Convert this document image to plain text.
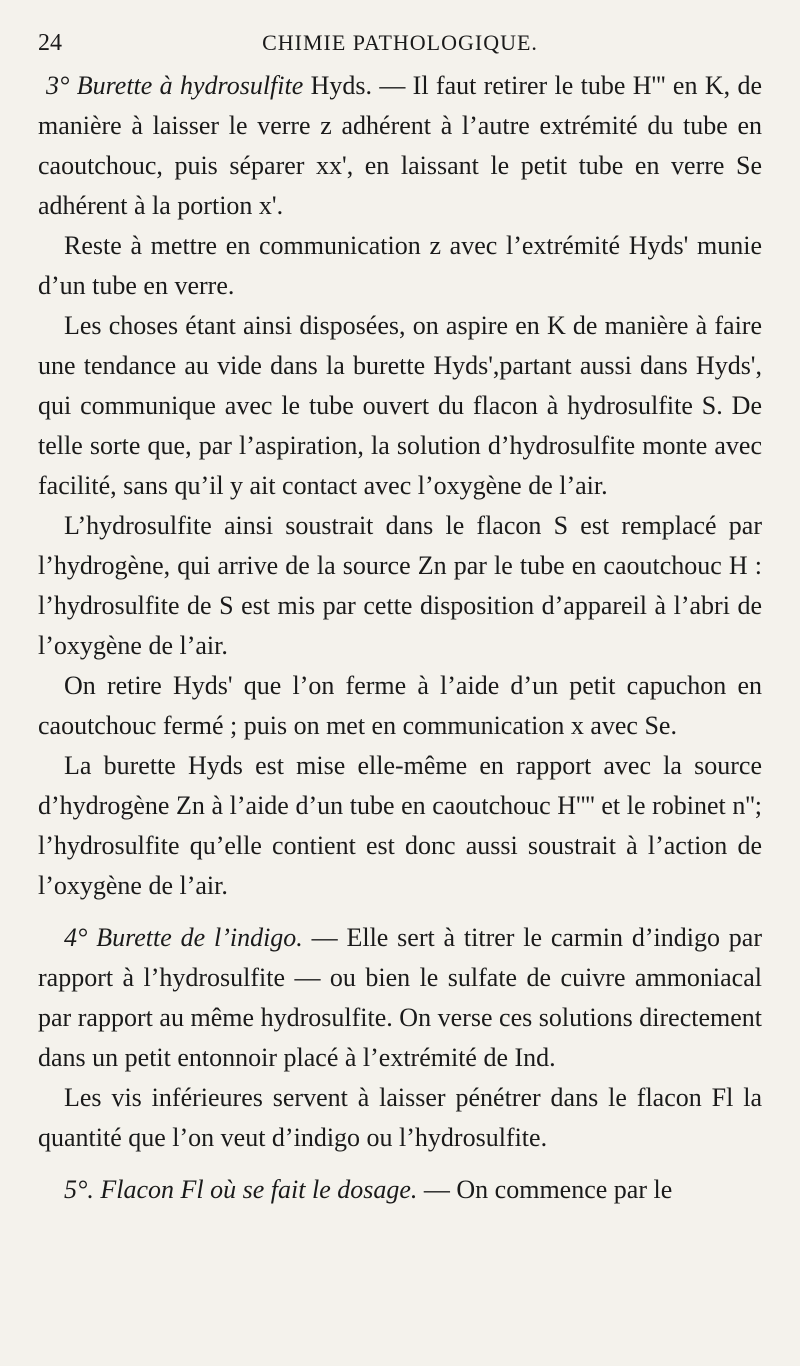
24	CHIMIE PATHOLOGIQUE.

3° Burette à hydrosulfite Hyds. — Il faut retirer le tube H''' en K, de manière à laisser le verre z adhérent à l’autre extrémité du tube en caoutchouc, puis séparer xx', en laissant le petit tube en verre Se adhérent à la portion x'.

Reste à mettre en communication z avec l’extrémité Hyds' munie d’un tube en verre.

Les choses étant ainsi disposées, on aspire en K de manière à faire une tendance au vide dans la burette Hyds',partant aussi dans Hyds', qui communique avec le tube ouvert du flacon à hydrosulfite S. De telle sorte que, par l’aspiration, la solution d’hydrosulfite monte avec facilité, sans qu’il y ait contact avec l’oxygène de l’air.

L’hydrosulfite ainsi soustrait dans le flacon S est remplacé par l’hydrogène, qui arrive de la source Zn par le tube en caoutchouc H : l’hydrosulfite de S est mis par cette disposition d’appareil à l’abri de l’oxygène de l’air.

On retire Hyds' que l’on ferme à l’aide d’un petit capuchon en caoutchouc fermé ; puis on met en communication x avec Se.

La burette Hyds est mise elle-même en rapport avec la source d’hydrogène Zn à l’aide d’un tube en caoutchouc H'''' et le robinet n''; l’hydrosulfite qu’elle contient est donc aussi soustrait à l’action de l’oxygène de l’air.

4° Burette de l’indigo. — Elle sert à titrer le carmin d’indigo par rapport à l’hydrosulfite — ou bien le sulfate de cuivre ammoniacal par rapport au même hydrosulfite. On verse ces solutions directement dans un petit entonnoir placé à l’extrémité de Ind.

Les vis inférieures servent à laisser pénétrer dans le flacon Fl la quantité que l’on veut d’indigo ou l’hydrosulfite.

5°. Flacon Fl où se fait le dosage. — On commence par le
